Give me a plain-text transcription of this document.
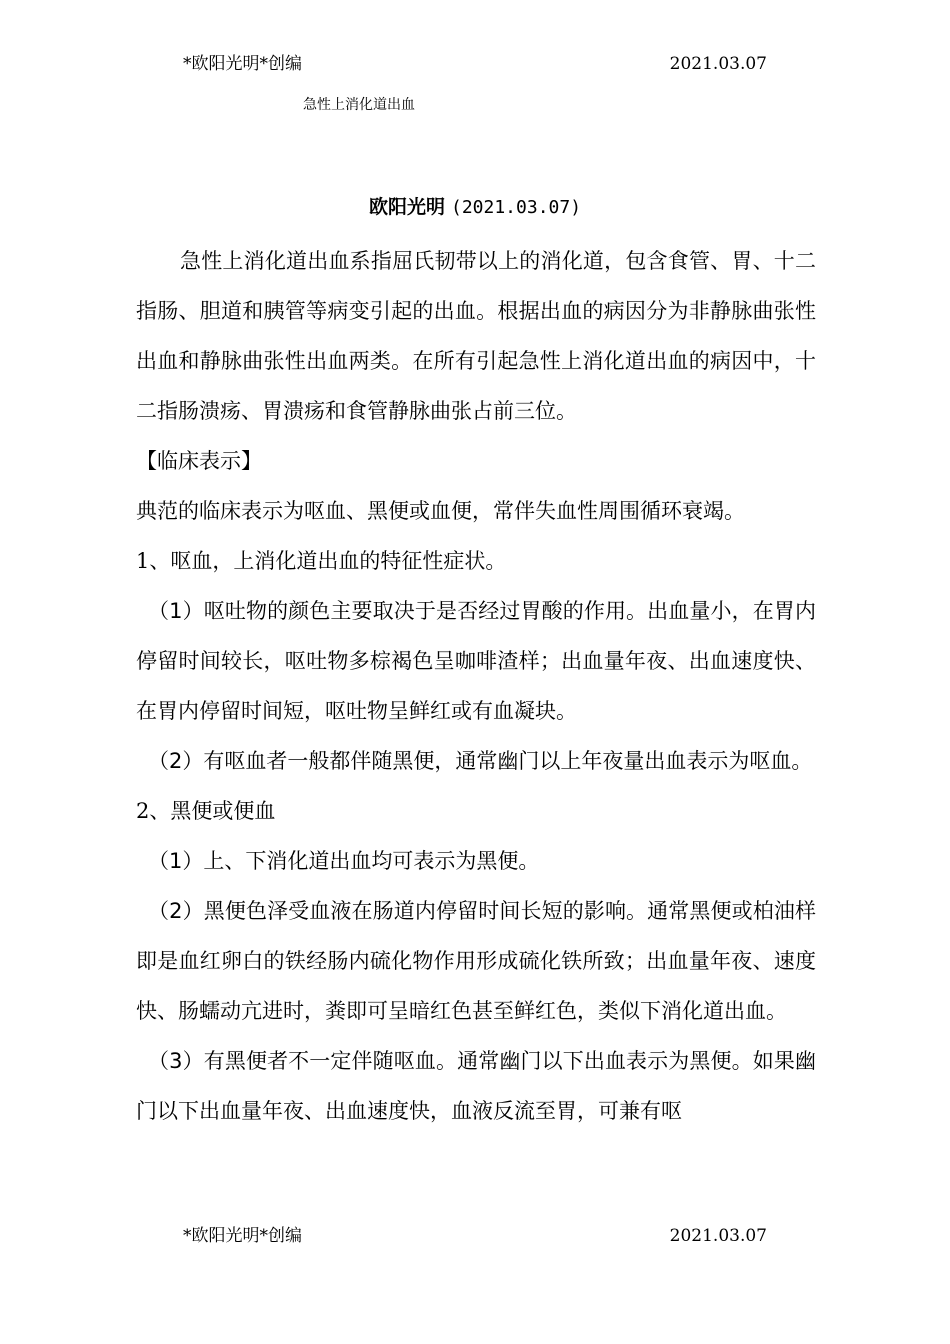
*欧阳光明*创编	2021.03.07
急性上消化道出血
欧阳光明 (2021.03.07)

急性上消化道出血系指屈氏韧带以上的消化道，包含食管、胃、十二指肠、胆道和胰管等病变引起的出血。根据出血的病因分为非静脉曲张性出血和静脉曲张性出血两类。在所有引起急性上消化道出血的病因中，十二指肠溃疡、胃溃疡和食管静脉曲张占前三位。

【临床表示】

典范的临床表示为呕血、黑便或血便，常伴失血性周围循环衰竭。

1、呕血，上消化道出血的特征性症状。

（1）呕吐物的颜色主要取决于是否经过胃酸的作用。出血量小，在胃内停留时间较长，呕吐物多棕褐色呈咖啡渣样；出血量年夜、出血速度快、在胃内停留时间短，呕吐物呈鲜红或有血凝块。

（2）有呕血者一般都伴随黑便，通常幽门以上年夜量出血表示为呕血。

2、黑便或便血

（1）上、下消化道出血均可表示为黑便。

（2）黑便色泽受血液在肠道内停留时间长短的影响。通常黑便或柏油样即是血红卵白的铁经肠内硫化物作用形成硫化铁所致；出血量年夜、速度快、肠蠕动亢进时，粪即可呈暗红色甚至鲜红色，类似下消化道出血。

（3）有黑便者不一定伴随呕血。通常幽门以下出血表示为黑便。如果幽门以下出血量年夜、出血速度快，血液反流至胃，可兼有呕

*欧阳光明*创编	2021.03.07
